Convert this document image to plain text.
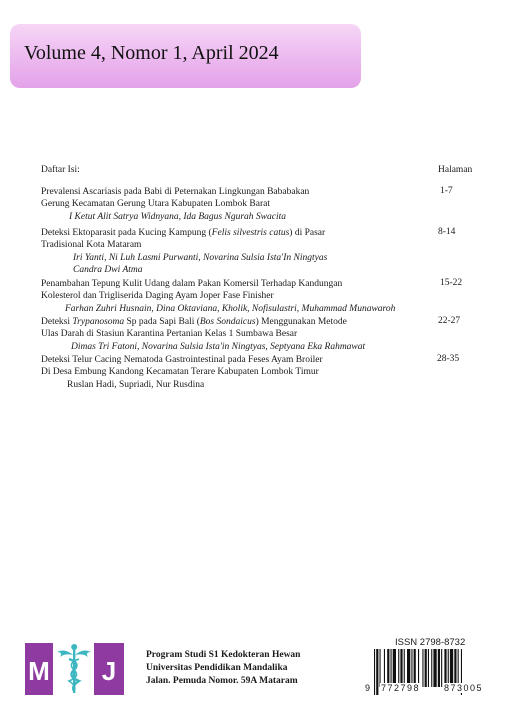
Volume 4, Nomor 1, April 2024
Daftar Isi:	Halaman
Prevalensi Ascariasis pada Babi di Peternakan Lingkungan Bababakan
Gerung Kecamatan Gerung Utara Kabupaten Lombok Barat
I Ketut Alit Satrya Widnyana, Ida Bagus Ngurah Swacita
1-7
Deteksi Ektoparasit pada Kucing Kampung (Felis silvestris catus) di Pasar
Tradisional Kota Mataram
Iri Yanti, Ni Luh Lasmi Purwanti, Novarina Sulsia Ista'In Ningtyas
Candra Dwi Atma
8-14
Penambahan Tepung Kulit Udang dalam Pakan Komersil Terhadap Kandungan
Kolesterol dan Trigliserida Daging Ayam Joper Fase Finisher
Farhan Zuhri Husnain, Dina Oktaviana, Kholik, Nofisulastri, Muhammad Munawaroh
15-22
Deteksi Trypanosoma Sp pada Sapi Bali (Bos Sondaicus) Menggunakan Metode
Ulas Darah di Stasiun Karantina Pertanian Kelas 1 Sumbawa Besar
Dimas Tri Fatoni, Novarina Sulsia Ista'in Ningtyas, Septyana Eka Rahmawat
22-27
Deteksi Telur Cacing Nematoda Gastrointestinal pada Feses Ayam Broiler
Di Desa Embung Kandong Kecamatan Terare Kabupaten Lombok Timur
Ruslan Hadi, Supriadi, Nur Rusdina
28-35
M J
Program Studi S1 Kedokteran Hewan
Universitas Pendidikan Mandalika
Jalan. Pemuda Nomor. 59A Mataram
ISSN 2798-8732
9 772798	873005
